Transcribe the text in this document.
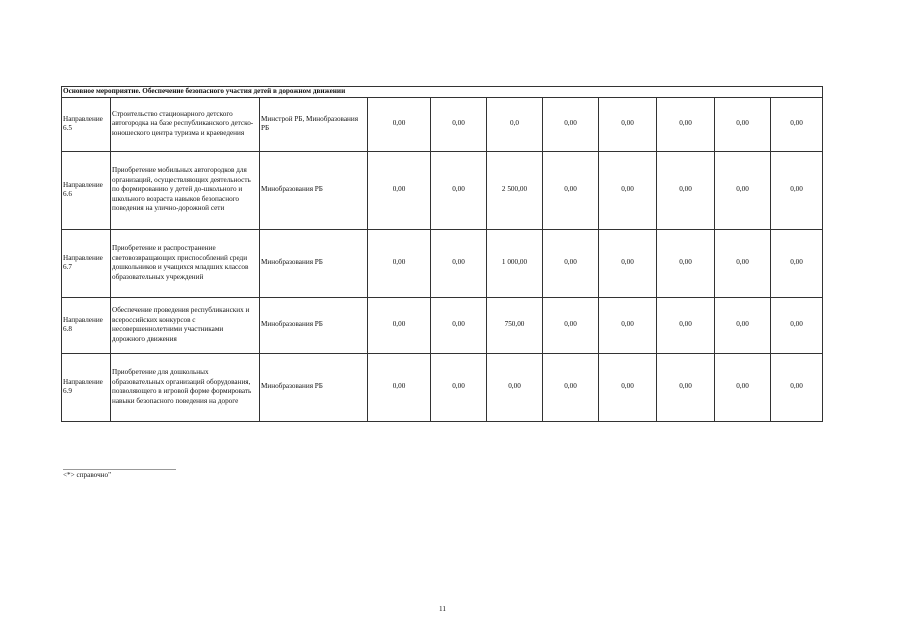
Основное мероприятие. Обеспечение безопасного участия детей в дорожном движении										
Направление 6.5	Строительство стационарного детского автогородка на базе республиканского детско-юношеского центра туризма и краеведения	Минстрой РБ, Минобразования РБ	0,00	0,00	0,0	0,00	0,00	0,00	0,00	0,00
Направление 6.6	Приобретение мобильных автогородков для организаций, осуществляющих деятельность по формированию у детей до-школьного и школьного возраста навыков безопасного поведения на улично-дорожной сети	Минобразования РБ	0,00	0,00	2 500,00	0,00	0,00	0,00	0,00	0,00
Направление 6.7	Приобретение и распространение световозвращающих приспособлений среди дошкольников и учащихся младших классов образовательных учреждений	Минобразования РБ	0,00	0,00	1 000,00	0,00	0,00	0,00	0,00	0,00
Направление 6.8	Обеспечение проведения республиканских и всероссийских конкурсов с несовершеннолетними участниками дорожного движения	Минобразования РБ	0,00	0,00	750,00	0,00	0,00	0,00	0,00	0,00
Направление 6.9	Приобретение для дошкольных образовательных организаций оборудования, позволяющего в игровой форме формировать навыки безопасного поведения на дороге	Минобразования РБ	0,00	0,00	0,00	0,00	0,00	0,00	0,00	0,00
<*> справочно"
11
